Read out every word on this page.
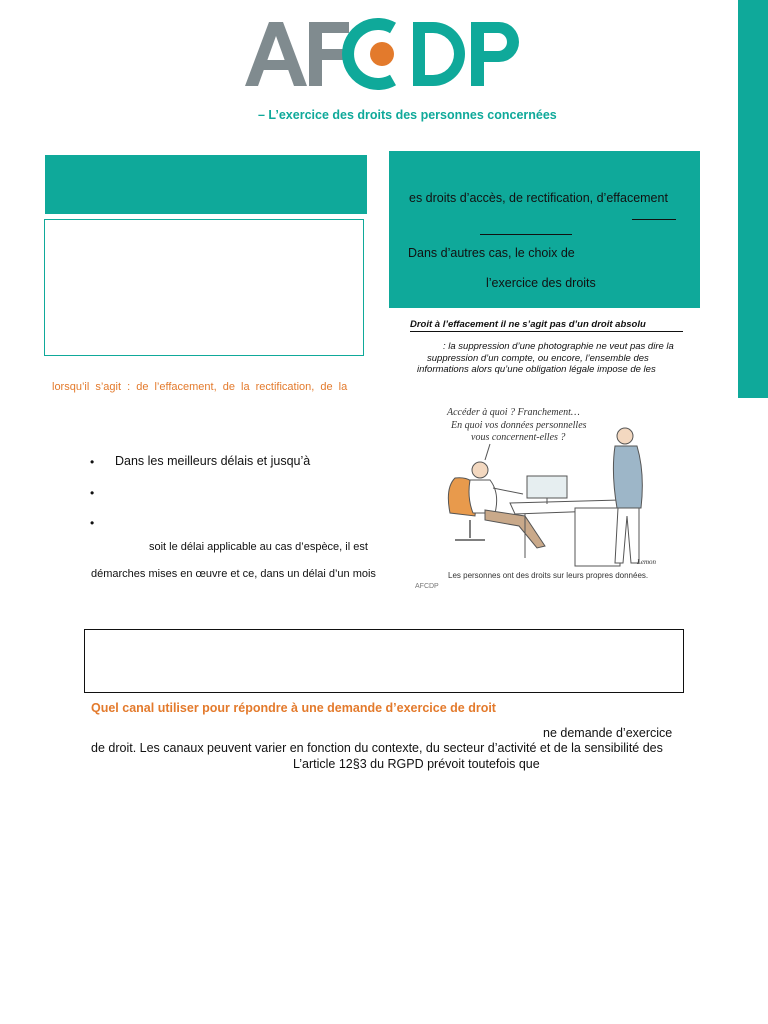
– L’exercice des droits des personnes concernées
es droits d’accès, de rectification, d’effacement
Dans d’autres cas, le choix de
l’exercice des droits
Droit à l’effacement il ne s’agit pas d’un droit absolu
: la suppression d’une photographie ne veut pas dire la
suppression d’un compte, ou encore, l’ensemble des
informations alors qu’une obligation légale impose de les
lorsqu’il s’agit : de l’effacement, de la rectification, de la
Accéder à quoi ? Franchement…
En quoi vos données personnelles
vous concernent-elles ?
Lemon
Les personnes ont des droits sur leurs propres données.
AFCDP
• Dans les meilleurs délais et jusqu’à
•
•
soit le délai applicable au cas d’espèce, il est
démarches mises en œuvre et ce, dans un délai d’un mois
Quel canal utiliser pour répondre à une demande d’exercice de droit
ne demande d’exercice
de droit. Les canaux peuvent varier en fonction du contexte, du secteur d’activité et de la sensibilité des
L’article 12§3 du RGPD prévoit toutefois que
